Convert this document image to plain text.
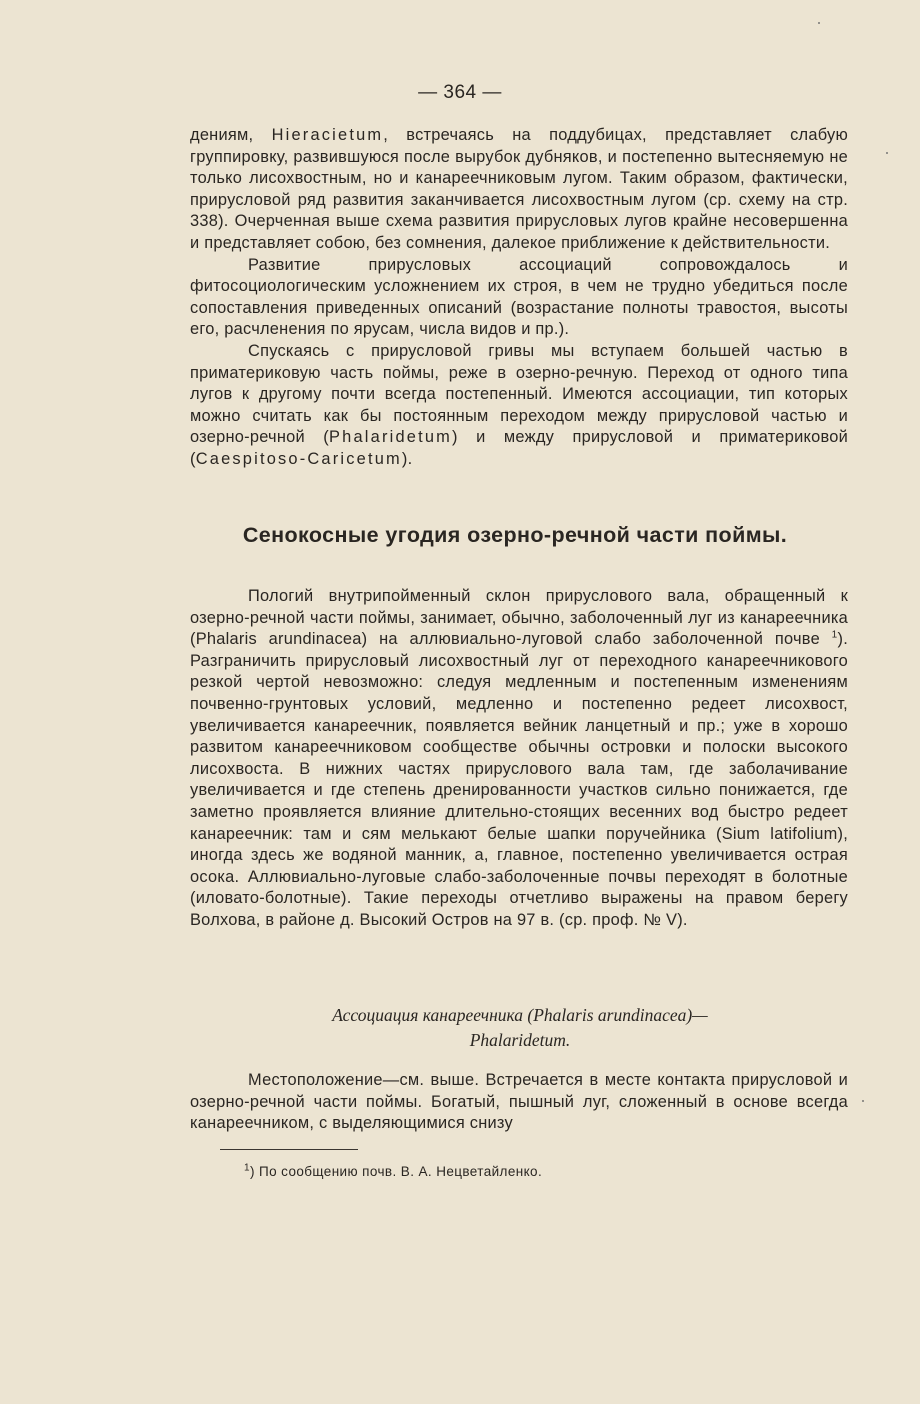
— 364 —

дениям, Hieracietum, встречаясь на поддубицах, представляет слабую группировку, развившуюся после вырубок дубняков, и постепенно вытесняемую не только лисохвостным, но и канареечниковым лугом. Таким образом, фактически, прирусловой ряд развития заканчивается лисохвостным лугом (ср. схему на стр. 338). Очерченная выше схема развития прирусловых лугов крайне несовершенна и представляет собою, без сомнения, далекое приближение к действительности.

Развитие прирусловых ассоциаций сопровождалось и фитосоциологическим усложнением их строя, в чем не трудно убедиться после сопоставления приведенных описаний (возрастание полноты травостоя, высоты его, расчленения по ярусам, числа видов и пр.).

Спускаясь с прирусловой гривы мы вступаем большей частью в приматериковую часть поймы, реже в озерно-речную. Переход от одного типа лугов к другому почти всегда постепенный. Имеются ассоциации, тип которых можно считать как бы постоянным переходом между прирусловой частью и озерно-речной (Phalaridetum) и между прирусловой и приматериковой (Caespitoso-Caricetum).

Сенокосные угодия озерно-речной части поймы.

Пологий внутрипойменный склон прируслового вала, обращенный к озерно-речной части поймы, занимает, обычно, заболоченный луг из канареечника (Phalaris arundinacea) на аллювиально-луговой слабо заболоченной почве $^1$). Разграничить прирусловый лисохвостный луг от переходного канареечникового резкой чертой невозможно: следуя медленным и постепенным изменениям почвенно-грунтовых условий, медленно и постепенно редеет лисохвост, увеличивается канареечник, появляется вейник ланцетный и пр.; уже в хорошо развитом канареечниковом сообществе обычны островки и полоски высокого лисохвоста. В нижних частях прируслового вала там, где заболачивание увеличивается и где степень дренированности участков сильно понижается, где заметно проявляется влияние длительно-стоящих весенних вод быстро редеет канареечник: там и сям мелькают белые шапки поручейника (Sium latifolium), иногда здесь же водяной манник, а, главное, постепенно увеличивается острая осока. Аллювиально-луговые слабо-заболоченные почвы переходят в болотные (иловато-болотные). Такие переходы отчетливо выражены на правом берегу Волхова, в районе д. Высокий Остров на 97 в. (ср. проф. № V).

Ассоциация канареечника (Phalaris arundinacea)—
Phalaridetum.

Местоположение—см. выше. Встречается в месте контакта прирусловой и озерно-речной части поймы. Богатый, пышный луг, сложенный в основе всегда канареечником, с выделяющимися снизу

$^1$) По сообщению почв. В. А. Нецветайленко.
